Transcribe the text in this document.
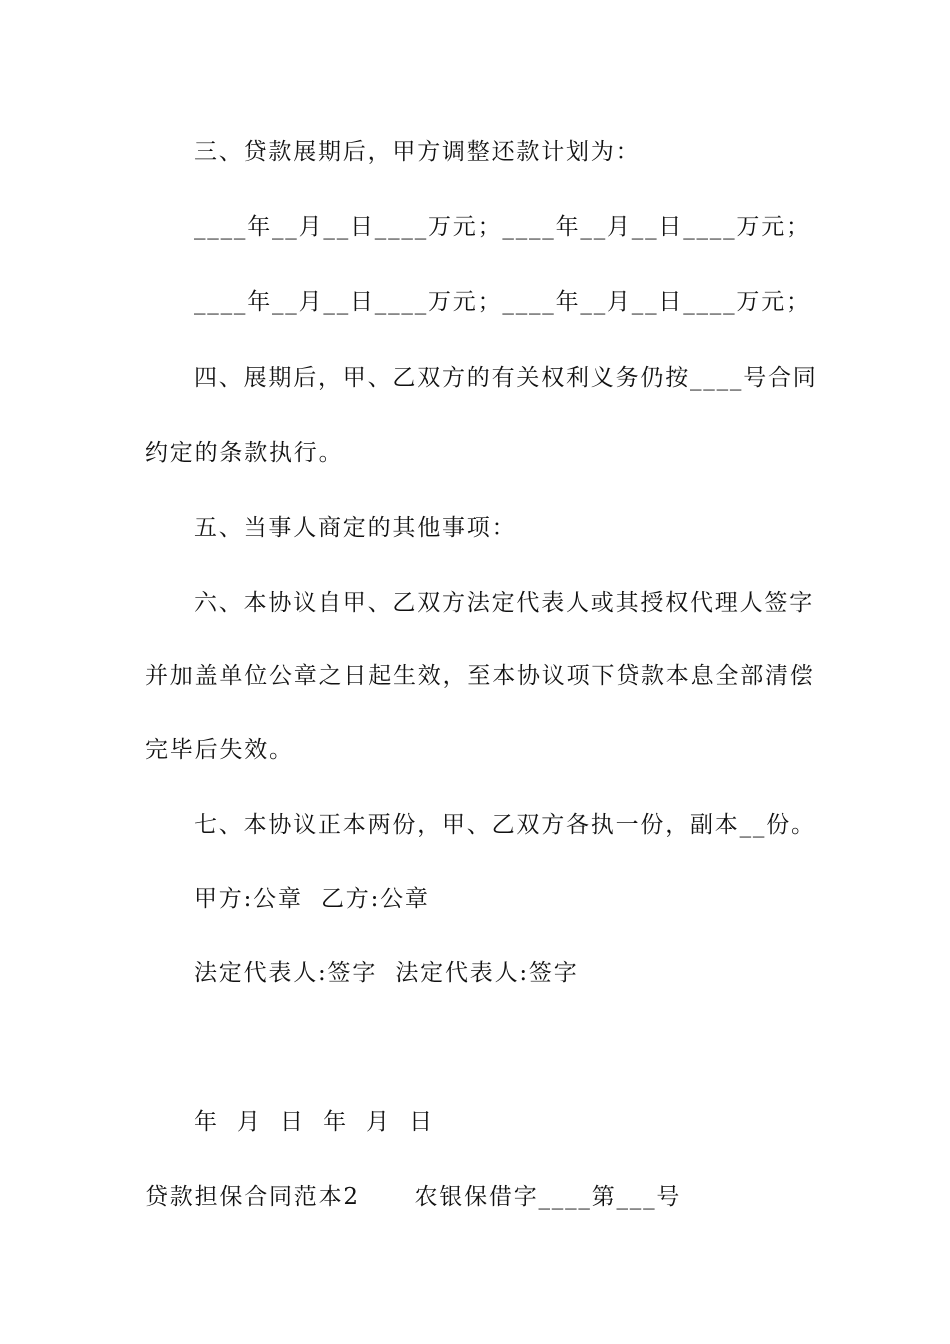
三、贷款展期后，甲方调整还款计划为：
____年__月__日____万元；____年__月__日____万元；
____年__月__日____万元；____年__月__日____万元；
四、展期后，甲、乙双方的有关权利义务仍按____号合同
约定的条款执行。
五、当事人商定的其他事项：
六、本协议自甲、乙双方法定代表人或其授权代理人签字
并加盖单位公章之日起生效，至本协议项下贷款本息全部清偿
完毕后失效。
七、本协议正本两份，甲、乙双方各执一份，副本__份。
甲方:公章  乙方:公章
法定代表人:签字  法定代表人:签字
年  月  日  年  月  日
贷款担保合同范本2      农银保借字____第___号
